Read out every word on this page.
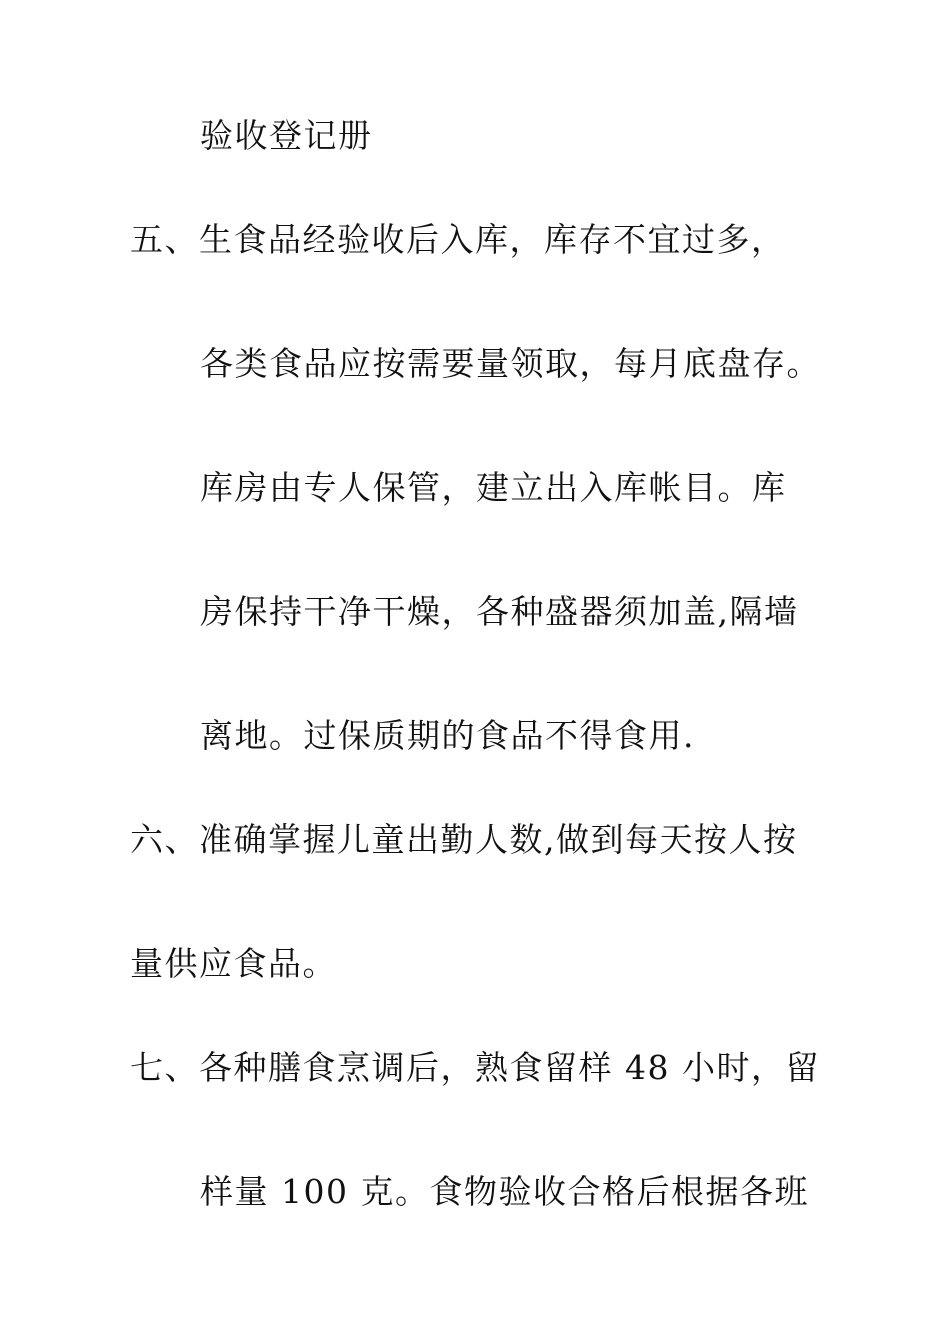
验收登记册
五、生食品经验收后入库，库存不宜过多，
各类食品应按需要量领取，每月底盘存。
库房由专人保管，建立出入库帐目。库
房保持干净干燥，各种盛器须加盖,隔墙
离地。过保质期的食品不得食用.
六、准确掌握儿童出勤人数,做到每天按人按
量供应食品。
七、各种膳食烹调后，熟食留样 48 小时，留
样量 100 克。食物验收合格后根据各班
